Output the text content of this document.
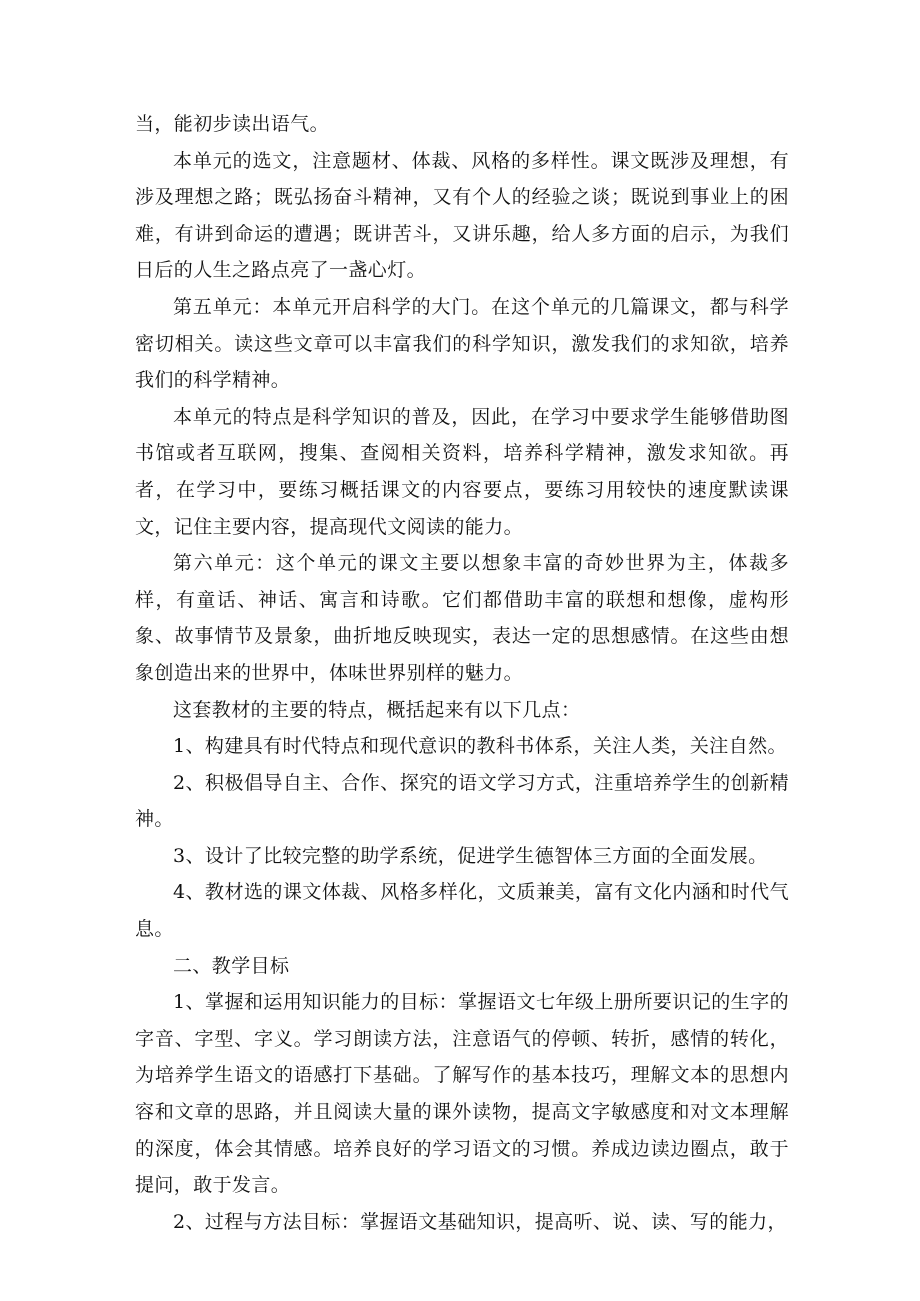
当，能初步读出语气。

本单元的选文，注意题材、体裁、风格的多样性。课文既涉及理想，有涉及理想之路；既弘扬奋斗精神，又有个人的经验之谈；既说到事业上的困难，有讲到命运的遭遇；既讲苦斗，又讲乐趣，给人多方面的启示，为我们日后的人生之路点亮了一盏心灯。

第五单元：本单元开启科学的大门。在这个单元的几篇课文，都与科学密切相关。读这些文章可以丰富我们的科学知识，激发我们的求知欲，培养我们的科学精神。

本单元的特点是科学知识的普及，因此，在学习中要求学生能够借助图书馆或者互联网，搜集、查阅相关资料，培养科学精神，激发求知欲。再者，在学习中，要练习概括课文的内容要点，要练习用较快的速度默读课文，记住主要内容，提高现代文阅读的能力。

第六单元：这个单元的课文主要以想象丰富的奇妙世界为主，体裁多样，有童话、神话、寓言和诗歌。它们都借助丰富的联想和想像，虚构形象、故事情节及景象，曲折地反映现实，表达一定的思想感情。在这些由想象创造出来的世界中，体味世界别样的魅力。

这套教材的主要的特点，概括起来有以下几点：

1、构建具有时代特点和现代意识的教科书体系，关注人类，关注自然。

2、积极倡导自主、合作、探究的语文学习方式，注重培养学生的创新精神。

3、设计了比较完整的助学系统，促进学生德智体三方面的全面发展。

4、教材选的课文体裁、风格多样化，文质兼美，富有文化内涵和时代气息。

二、教学目标

1、掌握和运用知识能力的目标：掌握语文七年级上册所要识记的生字的字音、字型、字义。学习朗读方法，注意语气的停顿、转折，感情的转化，为培养学生语文的语感打下基础。了解写作的基本技巧，理解文本的思想内容和文章的思路，并且阅读大量的课外读物，提高文字敏感度和对文本理解的深度，体会其情感。培养良好的学习语文的习惯。养成边读边圈点，敢于提问，敢于发言。

2、过程与方法目标：掌握语文基础知识，提高听、说、读、写的能力，
